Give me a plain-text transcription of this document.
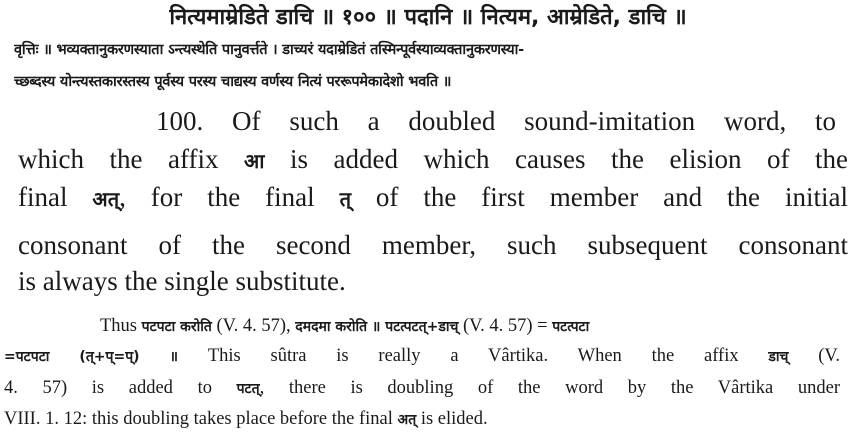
नित्यमाम्रेडिते डाचि ॥ १०० ॥ पदानि ॥ नित्यम, आम्रेडिते, डाचि ॥
वृत्तिः ॥ भव्यक्तानुकरणस्याता ऽन्त्यस्थेति पानुवर्त्तते । डाच्यरं यदाम्रेडितं तस्मिन्पूर्वस्याव्यक्तानुकरणस्या-
च्छब्दस्य योन्त्यस्तकारस्तस्य पूर्वस्य परस्य चाद्यस्य वर्णस्य नित्यं पररूपमेकादेशो भवति ॥
100. Of such a doubled sound-imitation word, to
which the affix आ is added which causes the elision of the
final अत्, for the final त् of the first member and the initial
consonant of the second member, such subsequent consonant
is always the single substitute.
Thus पटपटा करोति (V. 4. 57), दमदमा करोति ॥ पटत्पटत्+डाच् (V. 4. 57) = पटत्पटा
=पटपटा (त्+प्=प्) ॥ This sûtra is really a Vârtika. When the affix डाच् (V.
4. 57) is added to पटत्, there is doubling of the word by the Vârtika under
VIII. 1. 12: this doubling takes place before the final अत् is elided.
